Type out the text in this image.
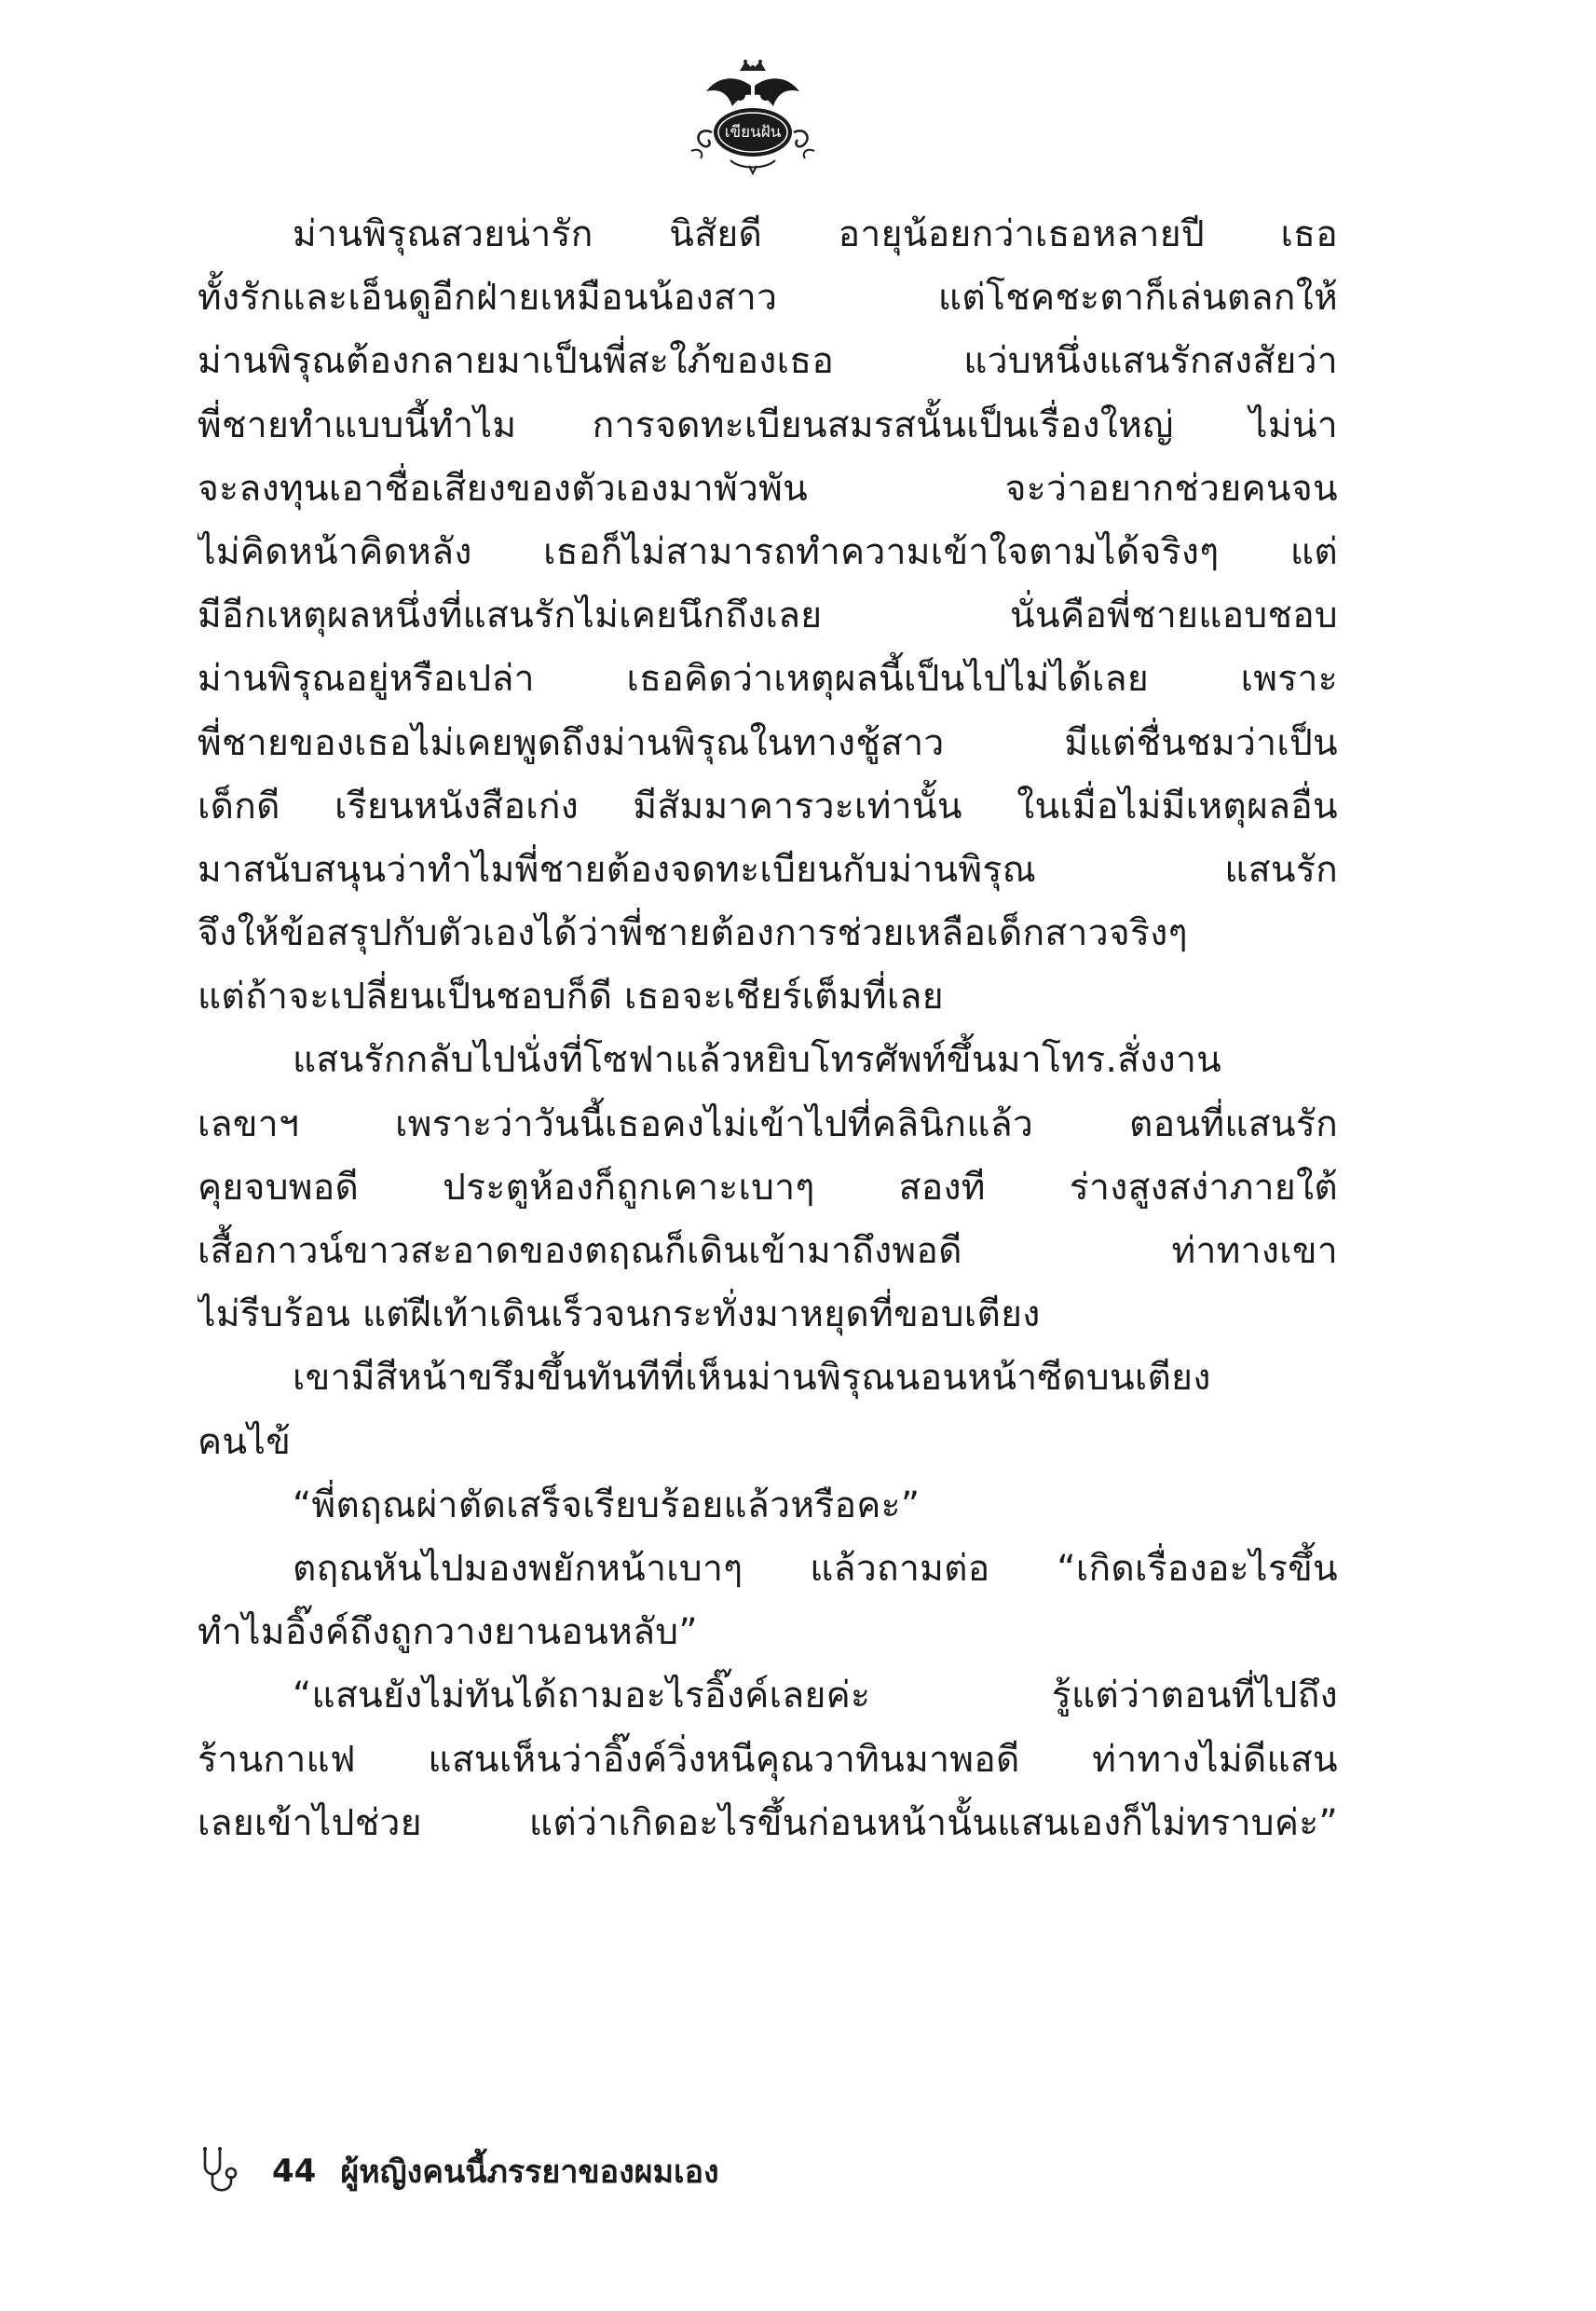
เขียนฝัน
ม่านพิรุณสวยน่ารัก นิสัยดี อายุน้อยกว่าเธอหลายปี เธอ
ทั้งรักและเอ็นดูอีกฝ่ายเหมือนน้องสาว แต่โชคชะตาก็เล่นตลกให้
ม่านพิรุณต้องกลายมาเป็นพี่สะใภ้ของเธอ แว่บหนึ่งแสนรักสงสัยว่า
พี่ชายทำแบบนี้ทำไม การจดทะเบียนสมรสนั้นเป็นเรื่องใหญ่ ไม่น่า
จะลงทุนเอาชื่อเสียงของตัวเองมาพัวพัน จะว่าอยากช่วยคนจน
ไม่คิดหน้าคิดหลัง เธอก็ไม่สามารถทำความเข้าใจตามได้จริงๆ แต่
มีอีกเหตุผลหนึ่งที่แสนรักไม่เคยนึกถึงเลย นั่นคือพี่ชายแอบชอบ
ม่านพิรุณอยู่หรือเปล่า เธอคิดว่าเหตุผลนี้เป็นไปไม่ได้เลย เพราะ
พี่ชายของเธอไม่เคยพูดถึงม่านพิรุณในทางชู้สาว มีแต่ชื่นชมว่าเป็น
เด็กดี เรียนหนังสือเก่ง มีสัมมาคารวะเท่านั้น ในเมื่อไม่มีเหตุผลอื่น
มาสนับสนุนว่าทำไมพี่ชายต้องจดทะเบียนกับม่านพิรุณ แสนรัก
จึงให้ข้อสรุปกับตัวเองได้ว่าพี่ชายต้องการช่วยเหลือเด็กสาวจริงๆ
แต่ถ้าจะเปลี่ยนเป็นชอบก็ดี เธอจะเชียร์เต็มที่เลย
แสนรักกลับไปนั่งที่โซฟาแล้วหยิบโทรศัพท์ขึ้นมาโทร.สั่งงาน
เลขาฯ เพราะว่าวันนี้เธอคงไม่เข้าไปที่คลินิกแล้ว ตอนที่แสนรัก
คุยจบพอดี ประตูห้องก็ถูกเคาะเบาๆ สองที ร่างสูงสง่าภายใต้
เสื้อกาวน์ขาวสะอาดของตฤณก็เดินเข้ามาถึงพอดี ท่าทางเขา
ไม่รีบร้อน แต่ฝีเท้าเดินเร็วจนกระทั่งมาหยุดที่ขอบเตียง
เขามีสีหน้าขรึมขึ้นทันทีที่เห็นม่านพิรุณนอนหน้าซีดบนเตียง
คนไข้
“พี่ตฤณผ่าตัดเสร็จเรียบร้อยแล้วหรือคะ”
ตฤณหันไปมองพยักหน้าเบาๆ แล้วถามต่อ “เกิดเรื่องอะไรขึ้น
ทำไมอิ๊งค์ถึงถูกวางยานอนหลับ”
“แสนยังไม่ทันได้ถามอะไรอิ๊งค์เลยค่ะ รู้แต่ว่าตอนที่ไปถึง
ร้านกาแฟ แสนเห็นว่าอิ๊งค์วิ่งหนีคุณวาทินมาพอดี ท่าทางไม่ดีแสน
เลยเข้าไปช่วย แต่ว่าเกิดอะไรขึ้นก่อนหน้านั้นแสนเองก็ไม่ทราบค่ะ”
44 ผู้หญิงคนนี้ภรรยาของผมเอง
